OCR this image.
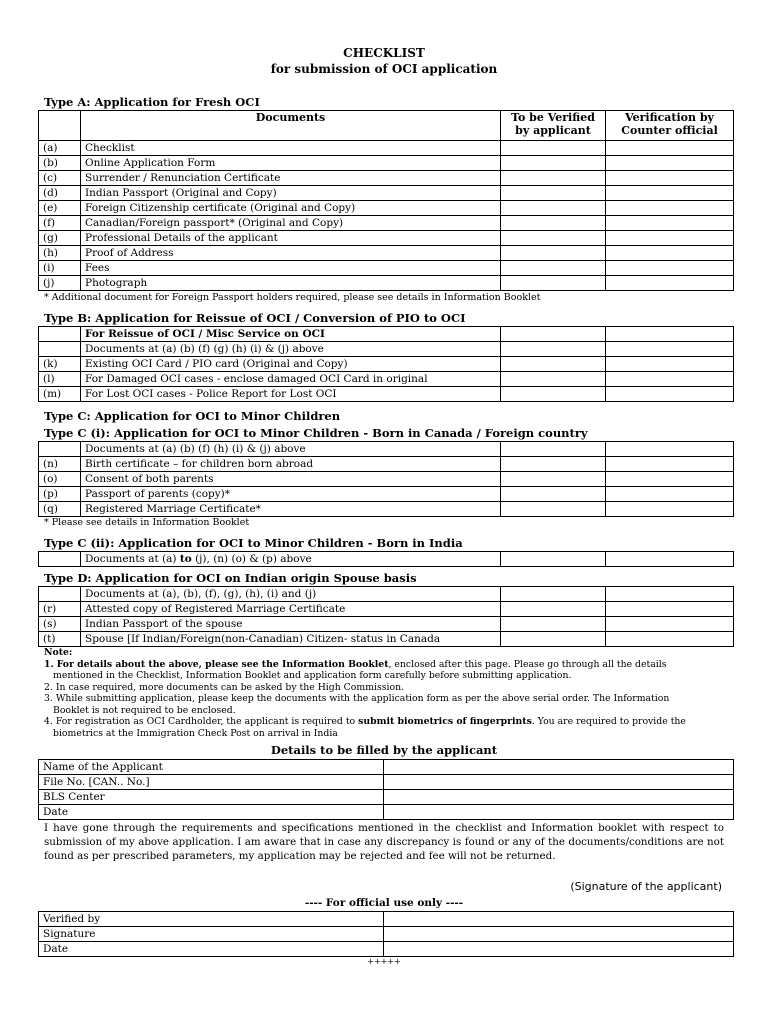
CHECKLIST
for submission of OCI application
Type A: Application for Fresh OCI
	Documents	To be Verified by applicant	Verification by Counter official
(a)	Checklist		
(b)	Online Application Form		
(c)	Surrender / Renunciation Certificate		
(d)	Indian Passport (Original and Copy)		
(e)	Foreign Citizenship certificate (Original and Copy)		
(f)	Canadian/Foreign passport* (Original and Copy)		
(g)	Professional Details of the applicant		
(h)	Proof of Address		
(i)	Fees		
(j)	Photograph		
* Additional document for Foreign Passport holders required, please see details in Information Booklet
Type B: Application for Reissue of OCI / Conversion of PIO to OCI
	For Reissue of OCI / Misc Service on OCI		
	Documents at (a) (b) (f) (g) (h) (i) & (j) above		
(k)	Existing OCI Card / PIO card (Original and Copy)		
(l)	For Damaged OCI cases - enclose damaged OCI Card in original		
(m)	For Lost OCI cases - Police Report for Lost OCI		
Type C: Application for OCI to Minor Children
Type C (i): Application for OCI to Minor Children - Born in Canada / Foreign country
	Documents at (a) (b) (f) (h) (i) & (j) above		
(n)	Birth certificate – for children born abroad		
(o)	Consent of both parents		
(p)	Passport of parents (copy)*		
(q)	Registered Marriage Certificate*		
* Please see details in Information Booklet
Type C (ii): Application for OCI to Minor Children - Born in India
	Documents at (a) to (j), (n) (o) & (p) above		
Type D: Application for OCI on Indian origin Spouse basis
	Documents at (a), (b), (f), (g), (h), (i) and (j)		
(r)	Attested copy of Registered Marriage Certificate		
(s)	Indian Passport of the spouse		
(t)	Spouse [If Indian/Foreign(non-Canadian) Citizen- status in Canada		

Note:

1. For details about the above, please see the Information Booklet, enclosed after this page. Please go through all the details

mentioned in the Checklist, Information Booklet and application form carefully before submitting application.

2. In case required, more documents can be asked by the High Commission.

3. While submitting application, please keep the documents with the application form as per the above serial order. The Information

Booklet is not required to be enclosed.

4. For registration as OCI Cardholder, the applicant is required to submit biometrics of fingerprints. You are required to provide the

biometrics at the Immigration Check Post on arrival in India

Details to be filled by the applicant
Name of the Applicant	
File No. [CAN.. No.]	
BLS Center	
Date	
I have gone through the requirements and specifications mentioned in the checklist and Information booklet with respect to submission of my above application. I am aware that in case any discrepancy is found or any of the documents/conditions are not found as per prescribed parameters, my application may be rejected and fee will not be returned.
(Signature of the applicant)
---- For official use only ----
Verified by	
Signature	
Date	
+++++
